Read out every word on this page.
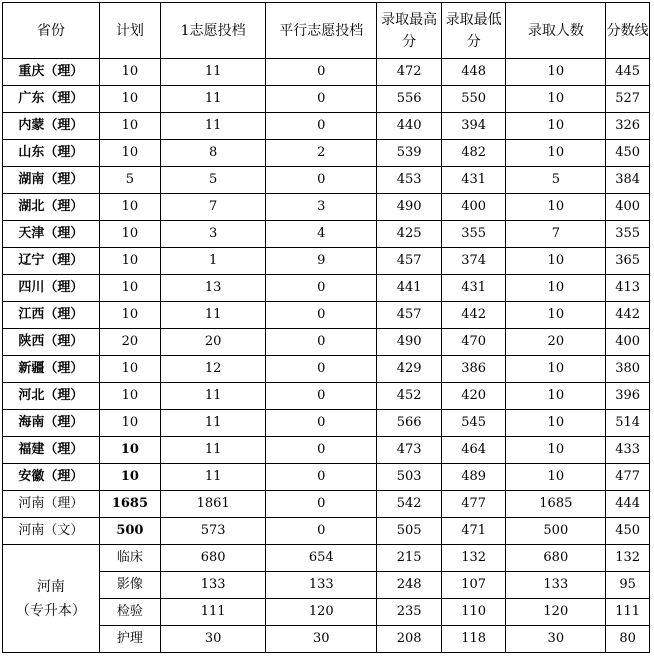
省份	计划	1志愿投档	平行志愿投档	录取最高分	录取最低分	录取人数	分数线
重庆（理）	10	11	0	472	448	10	445
广东（理）	10	11	0	556	550	10	527
内蒙（理）	10	11	0	440	394	10	326
山东（理）	10	8	2	539	482	10	450
湖南（理）	5	5	0	453	431	5	384
湖北（理）	10	7	3	490	400	10	400
天津（理）	10	3	4	425	355	7	355
辽宁（理）	10	1	9	457	374	10	365
四川（理）	10	13	0	441	431	10	413
江西（理）	10	11	0	457	442	10	442
陕西（理）	20	20	0	490	470	20	400
新疆（理）	10	12	0	429	386	10	380
河北（理）	10	11	0	452	420	10	396
海南（理）	10	11	0	566	545	10	514
福建（理）	10	11	0	473	464	10	433
安徽（理）	10	11	0	503	489	10	477
河南（理）	1685	1861	0	542	477	1685	444
河南（文）	500	573	0	505	471	500	450

河南
（专升本）	临床	680	654	215	132	680	132
	影像	133	133	248	107	133	95
	检验	111	120	235	110	120	111
	护理	30	30	208	118	30	80
